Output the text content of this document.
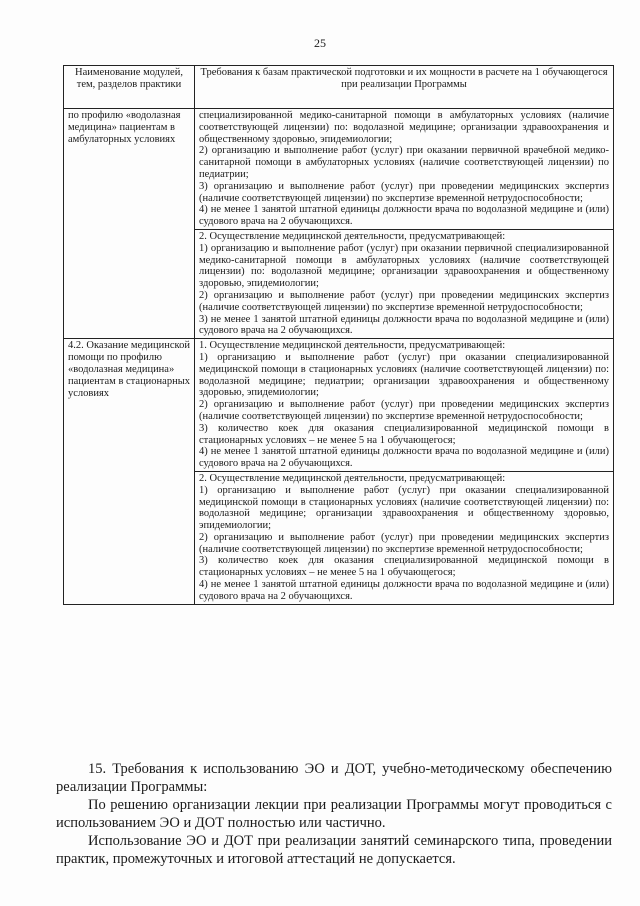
25
Наименование модулей, тем, разделов практики	Требования к базам практической подготовки и их мощности в расчете на 1 обучающегося при реализации Программы
по профилю «водолазная медицина» пациентам в амбулаторных условиях	специализированной медико-санитарной помощи в амбулаторных условиях (наличие соответствующей лицензии) по: водолазной медицине; организации здравоохранения и общественному здоровью, эпидемиологии;
2) организацию и выполнение работ (услуг) при оказании первичной врачебной медико-санитарной помощи в амбулаторных условиях (наличие соответствующей лицензии) по педиатрии;
3) организацию и выполнение работ (услуг) при проведении медицинских экспертиз (наличие соответствующей лицензии) по экспертизе временной нетрудоспособности;
4) не менее 1 занятой штатной единицы должности врача по водолазной медицине и (или) судового врача на 2 обучающихся.

	2. Осуществление медицинской деятельности, предусматривающей:
1) организацию и выполнение работ (услуг) при оказании первичной специализированной медико-санитарной помощи в амбулаторных условиях (наличие соответствующей лицензии) по: водолазной медицине; организации здравоохранения и общественному здоровью, эпидемиологии;
2) организацию и выполнение работ (услуг) при проведении медицинских экспертиз (наличие соответствующей лицензии) по экспертизе временной нетрудоспособности;
3) не менее 1 занятой штатной единицы должности врача по водолазной медицине и (или) судового врача на 2 обучающихся.

4.2. Оказание медицинской помощи по профилю «водолазная медицина» пациентам в стационарных условиях	1. Осуществление медицинской деятельности, предусматривающей:
1) организацию и выполнение работ (услуг) при оказании специализированной медицинской помощи в стационарных условиях (наличие соответствующей лицензии) по: водолазной медицине; педиатрии; организации здравоохранения и общественному здоровью, эпидемиологии;
2) организацию и выполнение работ (услуг) при проведении медицинских экспертиз (наличие соответствующей лицензии) по экспертизе временной нетрудоспособности;
3) количество коек для оказания специализированной медицинской помощи в стационарных условиях – не менее 5 на 1 обучающегося;
4) не менее 1 занятой штатной единицы должности врача по водолазной медицине и (или) судового врача на 2 обучающихся.

	2. Осуществление медицинской деятельности, предусматривающей:
1) организацию и выполнение работ (услуг) при оказании специализированной медицинской помощи в стационарных условиях (наличие соответствующей лицензии) по: водолазной медицине; организации здравоохранения и общественному здоровью, эпидемиологии;
2) организацию и выполнение работ (услуг) при проведении медицинских экспертиз (наличие соответствующей лицензии) по экспертизе временной нетрудоспособности;
3) количество коек для оказания специализированной медицинской помощи в стационарных условиях – не менее 5 на 1 обучающегося;
4) не менее 1 занятой штатной единицы должности врача по водолазной медицине и (или) судового врача на 2 обучающихся.
15. Требования к использованию ЭО и ДОТ, учебно-методическому обеспечению реализации Программы:
По решению организации лекции при реализации Программы могут проводиться с использованием ЭО и ДОТ полностью или частично.
Использование ЭО и ДОТ при реализации занятий семинарского типа, проведении практик, промежуточных и итоговой аттестаций не допускается.
